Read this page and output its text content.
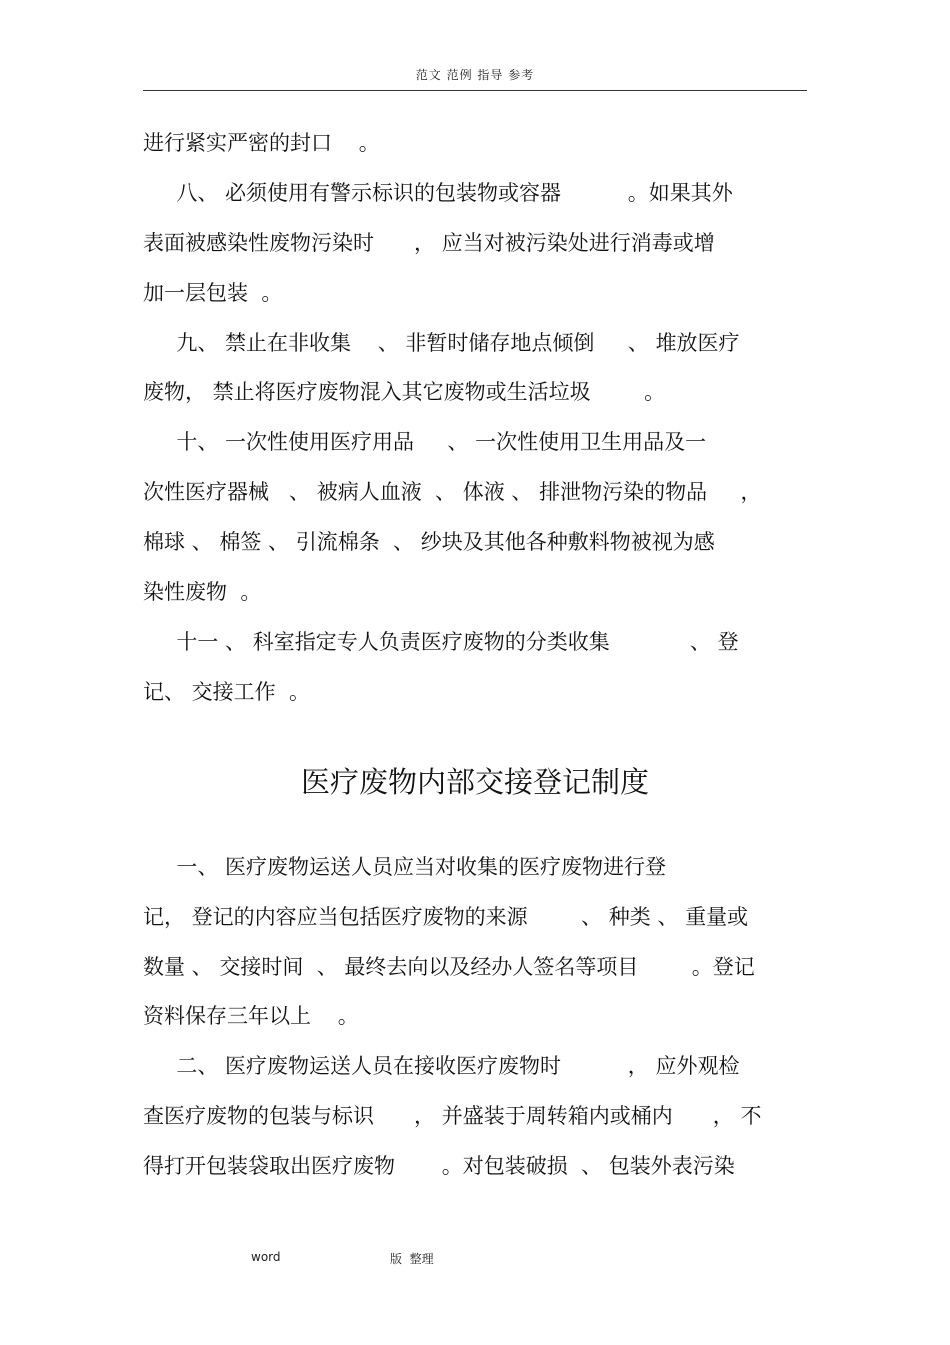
范文 范例 指导 参考
进行紧实严密的封口    。
八、 必须使用有警示标识的包装物或容器          。如果其外
表面被感染性废物污染时      ， 应当对被污染处进行消毒或增
加一层包装  。
九、 禁止在非收集    、 非暂时储存地点倾倒     、 堆放医疗
废物， 禁止将医疗废物混入其它废物或生活垃圾        。
十、 一次性使用医疗用品     、 一次性使用卫生用品及一
次性医疗器械   、 被病人血液  、 体液 、 排泄物污染的物品     ，
棉球 、 棉签 、 引流棉条  、 纱块及其他各种敷料物被视为感
染性废物  。
十一 、 科室指定专人负责医疗废物的分类收集            、 登
记、 交接工作  。
医疗废物内部交接登记制度
一、 医疗废物运送人员应当对收集的医疗废物进行登
记， 登记的内容应当包括医疗废物的来源        、 种类 、 重量或
数量 、 交接时间  、 最终去向以及经办人签名等项目        。登记
资料保存三年以上    。
二、 医疗废物运送人员在接收医疗废物时          ， 应外观检
查医疗废物的包装与标识      ， 并盛装于周转箱内或桶内      ， 不
得打开包装袋取出医疗废物       。对包装破损  、 包装外表污染
word	版  整理
